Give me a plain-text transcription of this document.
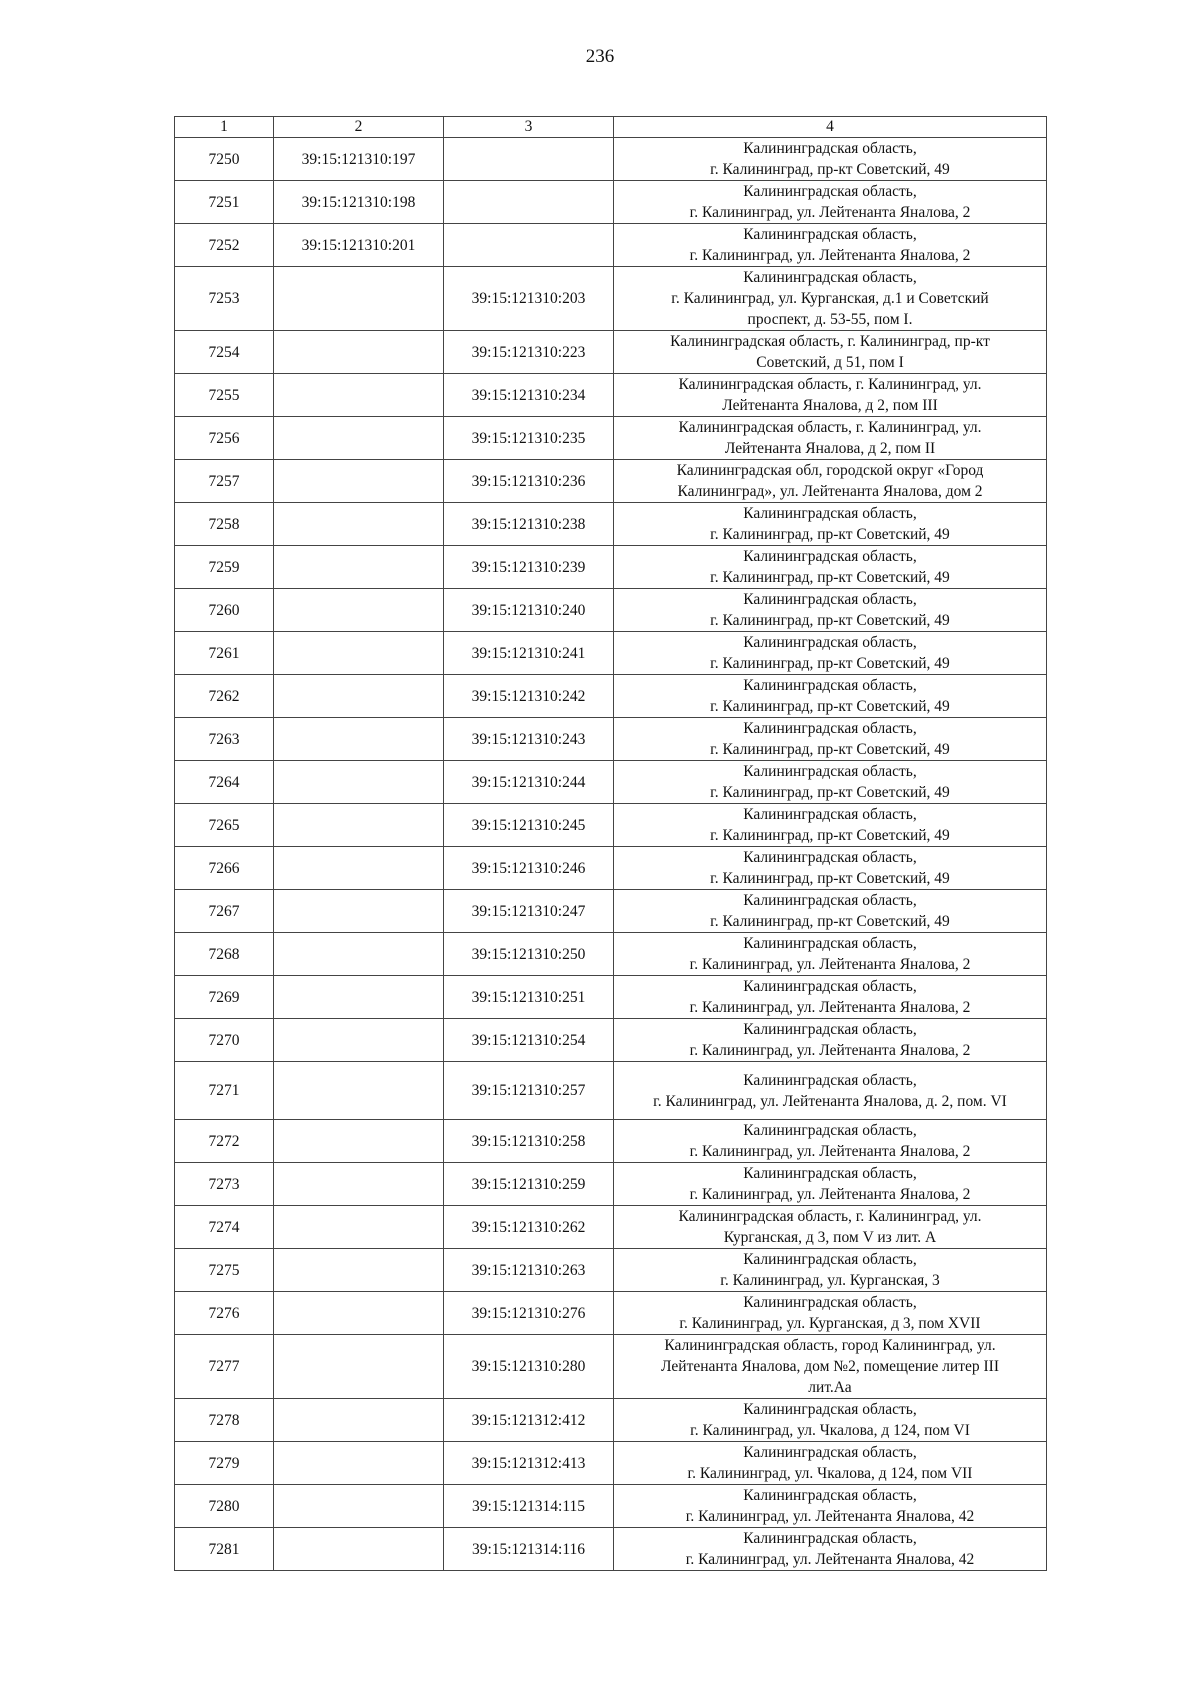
236
1	2	3	4
7250	39:15:121310:197		Калининградская область,
г. Калининград, пр-кт Советский, 49
7251	39:15:121310:198		Калининградская область,
г. Калининград, ул. Лейтенанта Яналова, 2
7252	39:15:121310:201		Калининградская область,
г. Калининград, ул. Лейтенанта Яналова, 2
7253		39:15:121310:203	Калининградская область,
г. Калининград, ул. Курганская, д.1 и Советский
проспект, д. 53-55, пом I.
7254		39:15:121310:223	Калининградская область, г. Калининград, пр-кт
Советский, д 51, пом I
7255		39:15:121310:234	Калининградская область, г. Калининград, ул.
Лейтенанта Яналова, д 2, пом III
7256		39:15:121310:235	Калининградская область, г. Калининград, ул.
Лейтенанта Яналова, д 2, пом II
7257		39:15:121310:236	Калининградская обл, городской округ «Город
Калининград», ул. Лейтенанта Яналова, дом 2
7258		39:15:121310:238	Калининградская область,
г. Калининград, пр-кт Советский, 49
7259		39:15:121310:239	Калининградская область,
г. Калининград, пр-кт Советский, 49
7260		39:15:121310:240	Калининградская область,
г. Калининград, пр-кт Советский, 49
7261		39:15:121310:241	Калининградская область,
г. Калининград, пр-кт Советский, 49
7262		39:15:121310:242	Калининградская область,
г. Калининград, пр-кт Советский, 49
7263		39:15:121310:243	Калининградская область,
г. Калининград, пр-кт Советский, 49
7264		39:15:121310:244	Калининградская область,
г. Калининград, пр-кт Советский, 49
7265		39:15:121310:245	Калининградская область,
г. Калининград, пр-кт Советский, 49
7266		39:15:121310:246	Калининградская область,
г. Калининград, пр-кт Советский, 49
7267		39:15:121310:247	Калининградская область,
г. Калининград, пр-кт Советский, 49
7268		39:15:121310:250	Калининградская область,
г. Калининград, ул. Лейтенанта Яналова, 2
7269		39:15:121310:251	Калининградская область,
г. Калининград, ул. Лейтенанта Яналова, 2
7270		39:15:121310:254	Калининградская область,
г. Калининград, ул. Лейтенанта Яналова, 2
7271		39:15:121310:257	Калининградская область,
г. Калининград, ул. Лейтенанта Яналова, д. 2, пом. VI
7272		39:15:121310:258	Калининградская область,
г. Калининград, ул. Лейтенанта Яналова, 2
7273		39:15:121310:259	Калининградская область,
г. Калининград, ул. Лейтенанта Яналова, 2
7274		39:15:121310:262	Калининградская область, г. Калининград, ул.
Курганская, д 3, пом V из лит. А
7275		39:15:121310:263	Калининградская область,
г. Калининград, ул. Курганская, 3
7276		39:15:121310:276	Калининградская область,
г. Калининград, ул. Курганская, д 3, пом XVII
7277		39:15:121310:280	Калининградская область, город Калининград, ул.
Лейтенанта Яналова, дом №2, помещение литер III
лит.Аа
7278		39:15:121312:412	Калининградская область,
г. Калининград, ул. Чкалова, д 124, пом VI
7279		39:15:121312:413	Калининградская область,
г. Калининград, ул. Чкалова, д 124, пом VII
7280		39:15:121314:115	Калининградская область,
г. Калининград, ул. Лейтенанта Яналова, 42
7281		39:15:121314:116	Калининградская область,
г. Калининград, ул. Лейтенанта Яналова, 42
